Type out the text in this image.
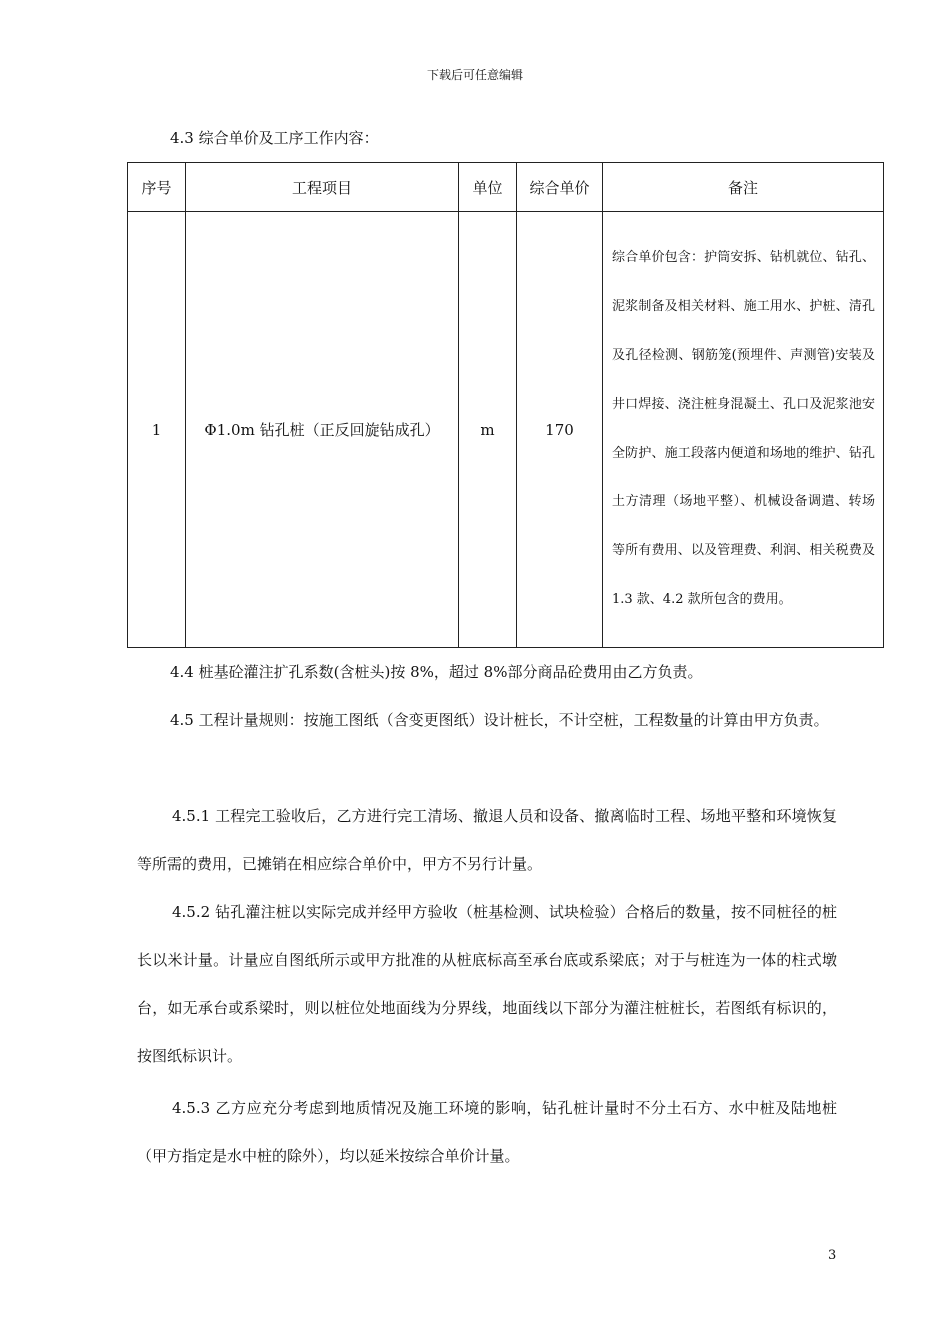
下载后可任意编辑
4.3 综合单价及工序工作内容：
序号	工程项目	单位	综合单价	备注
1	Φ1.0m 钻孔桩（正反回旋钻成孔）	m	170	综合单价包含：护筒安拆、钻机就位、钻孔、泥浆制备及相关材料、施工用水、护桩、清孔及孔径检测、钢筋笼(预埋件、声测管)安装及井口焊接、浇注桩身混凝土、孔口及泥浆池安全防护、施工段落内便道和场地的维护、钻孔土方清理（场地平整）、机械设备调遣、转场等所有费用、以及管理费、利润、相关税费及 1.3 款、4.2 款所包含的费用。
4.4 桩基砼灌注扩孔系数(含桩头)按 8%，超过 8%部分商品砼费用由乙方负责。
4.5 工程计量规则：按施工图纸（含变更图纸）设计桩长，不计空桩，工程数量的计算由甲方负责。
4.5.1 工程完工验收后，乙方进行完工清场、撤退人员和设备、撤离临时工程、场地平整和环境恢复等所需的费用，已摊销在相应综合单价中，甲方不另行计量。
4.5.2 钻孔灌注桩以实际完成并经甲方验收（桩基检测、试块检验）合格后的数量，按不同桩径的桩长以米计量。计量应自图纸所示或甲方批准的从桩底标高至承台底或系梁底；对于与桩连为一体的柱式墩台，如无承台或系梁时，则以桩位处地面线为分界线，地面线以下部分为灌注桩桩长，若图纸有标识的，按图纸标识计。
4.5.3 乙方应充分考虑到地质情况及施工环境的影响，钻孔桩计量时不分土石方、水中桩及陆地桩（甲方指定是水中桩的除外），均以延米按综合单价计量。
3
